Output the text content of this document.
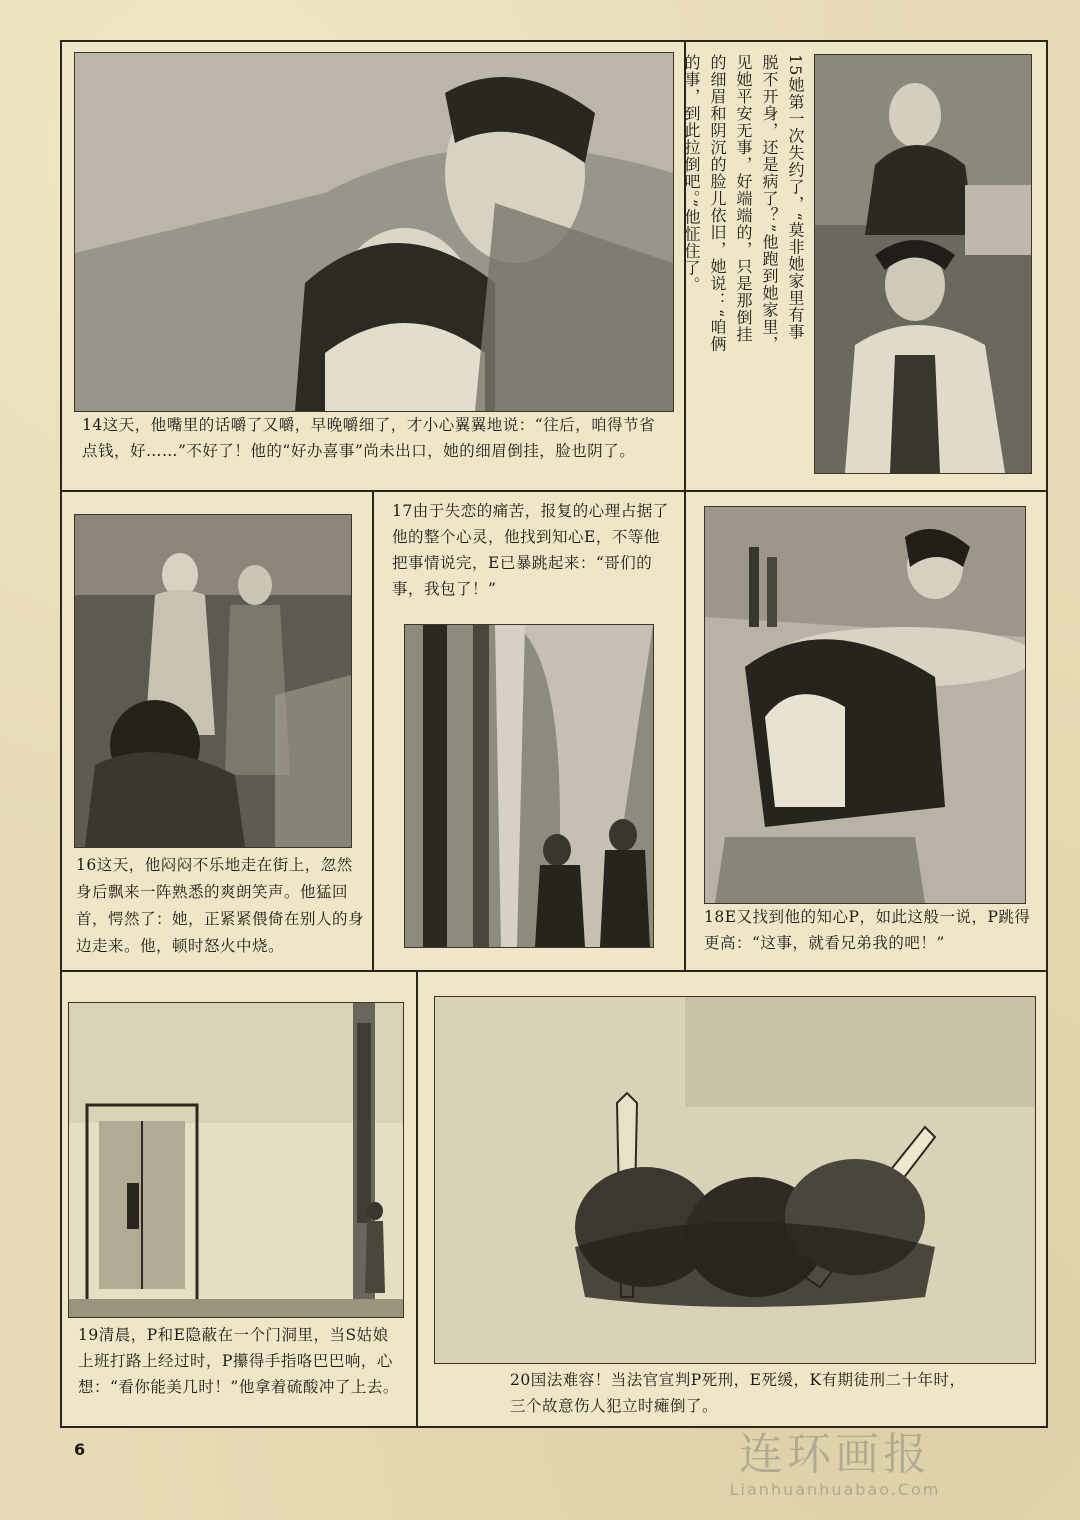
14这天，他嘴里的话嚼了又嚼，早晚嚼细了，才小心翼翼地说：“往后，咱得节省点钱，好……”不好了！他的“好办喜事”尚未出口，她的细眉倒挂，脸也阴了。
15她第一次失约了，“莫非她家里有事脱不开身，还是病了？”他跑到她家里，见她平安无事，好端端的，只是那倒挂的细眉和阴沉的脸儿依旧，她说：“咱俩的事，到此拉倒吧。”他怔住了。
16这天，他闷闷不乐地走在街上，忽然身后飘来一阵熟悉的爽朗笑声。他猛回首，愕然了：她，正紧紧偎倚在别人的身边走来。他，顿时怒火中烧。
17由于失恋的痛苦，报复的心理占据了他的整个心灵，他找到知心E，不等他把事情说完，E已暴跳起来：“哥们的事，我包了！”
18E又找到他的知心P，如此这般一说，P跳得更高：“这事，就看兄弟我的吧！”
19清晨，P和E隐蔽在一个门洞里，当S姑娘上班打路上经过时，P攥得手指咯巴巴响，心想：“看你能美几时！”他拿着硫酸冲了上去。	20国法难容！当法官宣判P死刑，E死缓，K有期徒刑二十年时，三个故意伤人犯立时瘫倒了。
6	连环画报
Lianhuanhuabao.Com
